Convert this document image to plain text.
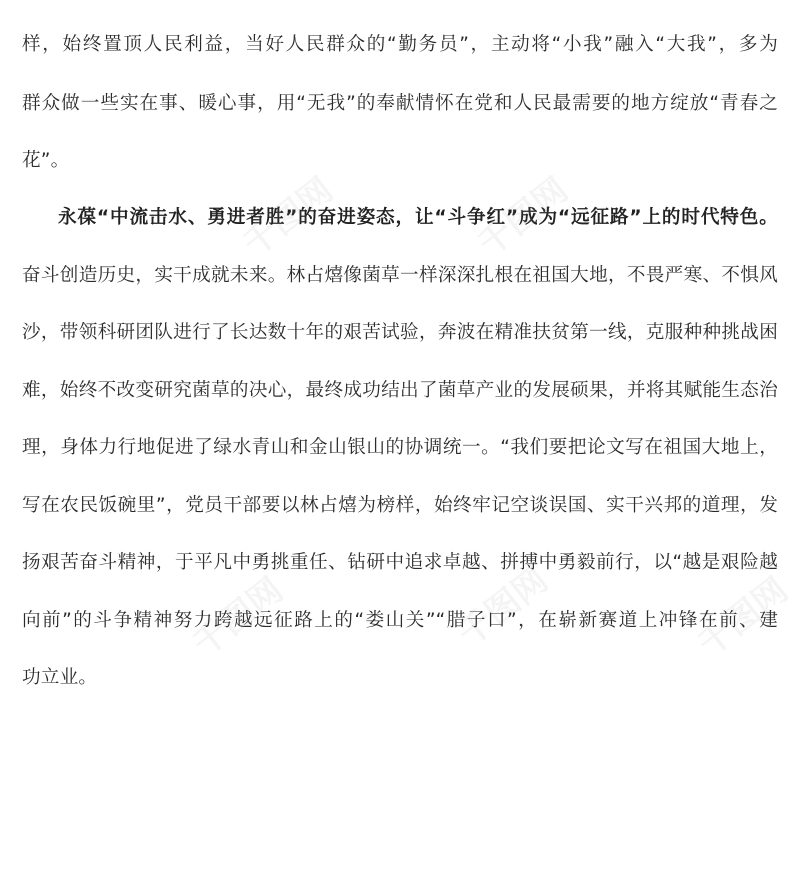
样，始终置顶人民利益，当好人民群众的“勤务员”，主动将“小我”融入“大我”，多为
群众做一些实在事、暖心事，用“无我”的奉献情怀在党和人民最需要的地方绽放“青春之
花”。
永葆“中流击水、勇进者胜”的奋进姿态，让“斗争红”成为“远征路”上的时代特色。
奋斗创造历史，实干成就未来。林占熺像菌草一样深深扎根在祖国大地，不畏严寒、不惧风
沙，带领科研团队进行了长达数十年的艰苦试验，奔波在精准扶贫第一线，克服种种挑战困
难，始终不改变研究菌草的决心，最终成功结出了菌草产业的发展硕果，并将其赋能生态治
理，身体力行地促进了绿水青山和金山银山的协调统一。“我们要把论文写在祖国大地上，
写在农民饭碗里”，党员干部要以林占熺为榜样，始终牢记空谈误国、实干兴邦的道理，发
扬艰苦奋斗精神，于平凡中勇挑重任、钻研中追求卓越、拼搏中勇毅前行，以“越是艰险越
向前”的斗争精神努力跨越远征路上的“娄山关”“腊子口”，在崭新赛道上冲锋在前、建
功立业。
千图网	千图网
千图网	千图网	千图网
